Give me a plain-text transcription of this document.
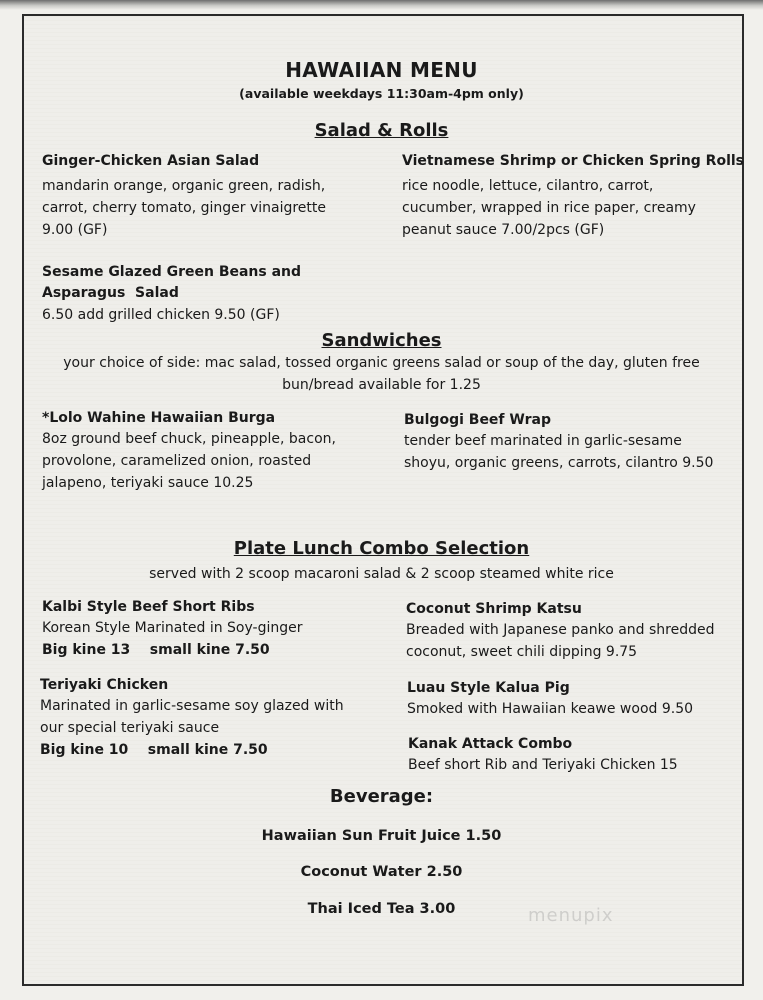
HAWAIIAN MENU
(available weekdays 11:30am-4pm only)
Salad & Rolls
Ginger-Chicken Asian Salad
mandarin orange, organic green, radish,
carrot, cherry tomato, ginger vinaigrette
9.00 (GF)
Vietnamese Shrimp or Chicken Spring Rolls
rice noodle, lettuce, cilantro, carrot,
cucumber, wrapped in rice paper, creamy
peanut sauce 7.00/2pcs (GF)
Sesame Glazed Green Beans and
Asparagus  Salad
6.50 add grilled chicken 9.50 (GF)
Sandwiches
your choice of side: mac salad, tossed organic greens salad or soup of the day, gluten free
bun/bread available for 1.25
*Lolo Wahine Hawaiian Burga
8oz ground beef chuck, pineapple, bacon,
provolone, caramelized onion, roasted
jalapeno, teriyaki sauce 10.25
Bulgogi Beef Wrap
tender beef marinated in garlic-sesame
shoyu, organic greens, carrots, cilantro 9.50
Plate Lunch Combo Selection
served with 2 scoop macaroni salad & 2 scoop steamed white rice
Kalbi Style Beef Short Ribs
Korean Style Marinated in Soy-ginger
Big kine 13    small kine 7.50
Teriyaki Chicken
Marinated in garlic-sesame soy glazed with
our special teriyaki sauce
Big kine 10    small kine 7.50
Coconut Shrimp Katsu
Breaded with Japanese panko and shredded
coconut, sweet chili dipping 9.75
Luau Style Kalua Pig
Smoked with Hawaiian keawe wood 9.50
Kanak Attack Combo
Beef short Rib and Teriyaki Chicken 15
Beverage:
Hawaiian Sun Fruit Juice 1.50
Coconut Water 2.50
Thai Iced Tea 3.00	menupix
